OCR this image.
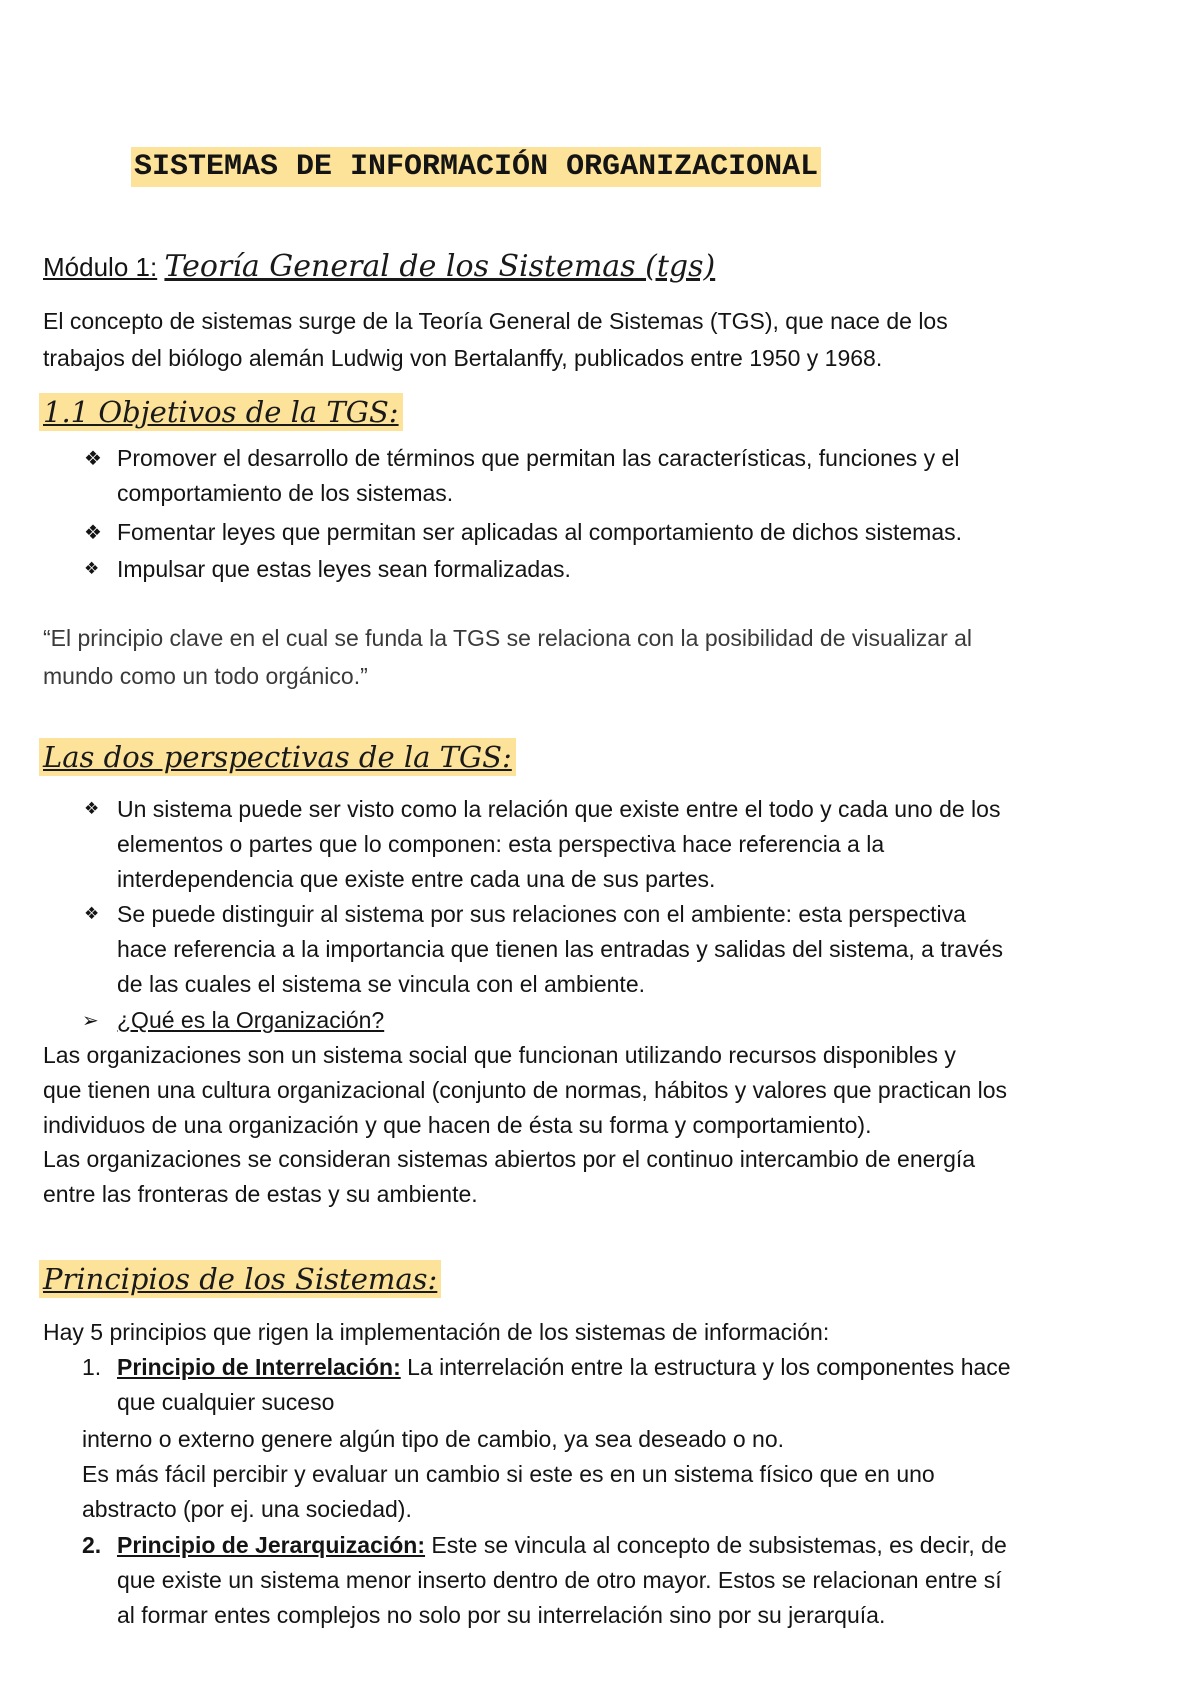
SISTEMAS DE INFORMACIÓN ORGANIZACIONAL
Módulo 1: Teoría General de los Sistemas (tgs)
El concepto de sistemas surge de la Teoría General de Sistemas (TGS), que nace de los
trabajos del biólogo alemán Ludwig von Bertalanffy, publicados entre 1950 y 1968.
1.1 Objetivos de la TGS:
❖ Promover el desarrollo de términos que permitan las características, funciones y el
comportamiento de los sistemas.
❖ Fomentar leyes que permitan ser aplicadas al comportamiento de dichos sistemas.
❖ Impulsar que estas leyes sean formalizadas.
“El principio clave en el cual se funda la TGS se relaciona con la posibilidad de visualizar al
mundo como un todo orgánico.”
Las dos perspectivas de la TGS:
❖ Un sistema puede ser visto como la relación que existe entre el todo y cada uno de los
elementos o partes que lo componen: esta perspectiva hace referencia a la
interdependencia que existe entre cada una de sus partes.
❖ Se puede distinguir al sistema por sus relaciones con el ambiente: esta perspectiva
hace referencia a la importancia que tienen las entradas y salidas del sistema, a través
de las cuales el sistema se vincula con el ambiente.
➢ ¿Qué es la Organización?
Las organizaciones son un sistema social que funcionan utilizando recursos disponibles y
que tienen una cultura organizacional (conjunto de normas, hábitos y valores que practican los
individuos de una organización y que hacen de ésta su forma y comportamiento).
Las organizaciones se consideran sistemas abiertos por el continuo intercambio de energía
entre las fronteras de estas y su ambiente.
Principios de los Sistemas:
Hay 5 principios que rigen la implementación de los sistemas de información:
1. Principio de Interrelación: La interrelación entre la estructura y los componentes hace
que cualquier suceso
interno o externo genere algún tipo de cambio, ya sea deseado o no.
Es más fácil percibir y evaluar un cambio si este es en un sistema físico que en uno
abstracto (por ej. una sociedad).
2. Principio de Jerarquización: Este se vincula al concepto de subsistemas, es decir, de
que existe un sistema menor inserto dentro de otro mayor. Estos se relacionan entre sí
al formar entes complejos no solo por su interrelación sino por su jerarquía.
